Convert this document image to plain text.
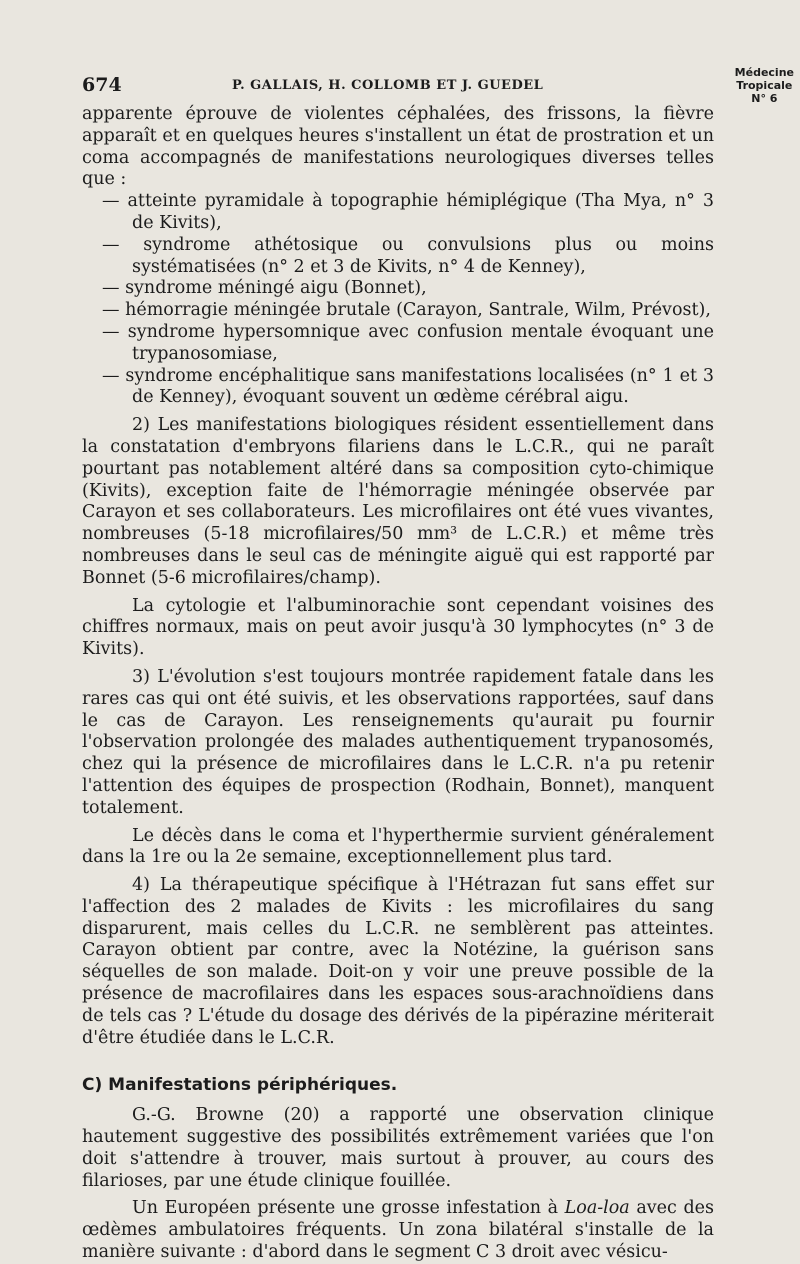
674	P. GALLAIS, H. COLLOMB ET J. GUEDEL
Médecine
Tropicale
N° 6

apparente éprouve de violentes céphalées, des frissons, la fièvre apparaît et en quelques heures s'installent un état de prostration et un coma accompagnés de manifestations neurologiques diverses telles que :

— atteinte pyramidale à topographie hémiplégique (Tha Mya, n° 3 de Kivits),

— syndrome athétosique ou convulsions plus ou moins systématisées (n° 2 et 3 de Kivits, n° 4 de Kenney),

— syndrome méningé aigu (Bonnet),

— hémorragie méningée brutale (Carayon, Santrale, Wilm, Prévost),

— syndrome hypersomnique avec confusion mentale évoquant une trypanosomiase,

— syndrome encéphalitique sans manifestations localisées (n° 1 et 3 de Kenney), évoquant souvent un œdème cérébral aigu.

2) Les manifestations biologiques résident essentiellement dans la constatation d'embryons filariens dans le L.C.R., qui ne paraît pourtant pas notablement altéré dans sa composition cyto-chimique (Kivits), exception faite de l'hémorragie méningée observée par Carayon et ses collaborateurs. Les microfilaires ont été vues vivantes, nombreuses (5-18 microfilaires/50 mm³ de L.C.R.) et même très nombreuses dans le seul cas de méningite aiguë qui est rapporté par Bonnet (5-6 microfilaires/champ).

La cytologie et l'albuminorachie sont cependant voisines des chiffres normaux, mais on peut avoir jusqu'à 30 lymphocytes (n° 3 de Kivits).

3) L'évolution s'est toujours montrée rapidement fatale dans les rares cas qui ont été suivis, et les observations rapportées, sauf dans le cas de Carayon. Les renseignements qu'aurait pu fournir l'observation prolongée des malades authentiquement trypanosomés, chez qui la présence de microfilaires dans le L.C.R. n'a pu retenir l'attention des équipes de prospection (Rodhain, Bonnet), manquent totalement.

Le décès dans le coma et l'hyperthermie survient généralement dans la 1re ou la 2e semaine, exceptionnellement plus tard.

4) La thérapeutique spécifique à l'Hétrazan fut sans effet sur l'affection des 2 malades de Kivits : les microfilaires du sang disparurent, mais celles du L.C.R. ne semblèrent pas atteintes. Carayon obtient par contre, avec la Notézine, la guérison sans séquelles de son malade. Doit-on y voir une preuve possible de la présence de macrofilaires dans les espaces sous-arachnoïdiens dans de tels cas ? L'étude du dosage des dérivés de la pipérazine mériterait d'être étudiée dans le L.C.R.

C) Manifestations périphériques.

G.-G. Browne (20) a rapporté une observation clinique hautement suggestive des possibilités extrêmement variées que l'on doit s'attendre à trouver, mais surtout à prouver, au cours des filarioses, par une étude clinique fouillée.

Un Européen présente une grosse infestation à Loa-loa avec des œdèmes ambulatoires fréquents. Un zona bilatéral s'installe de la manière suivante : d'abord dans le segment C 3 droit avec vésicu-
